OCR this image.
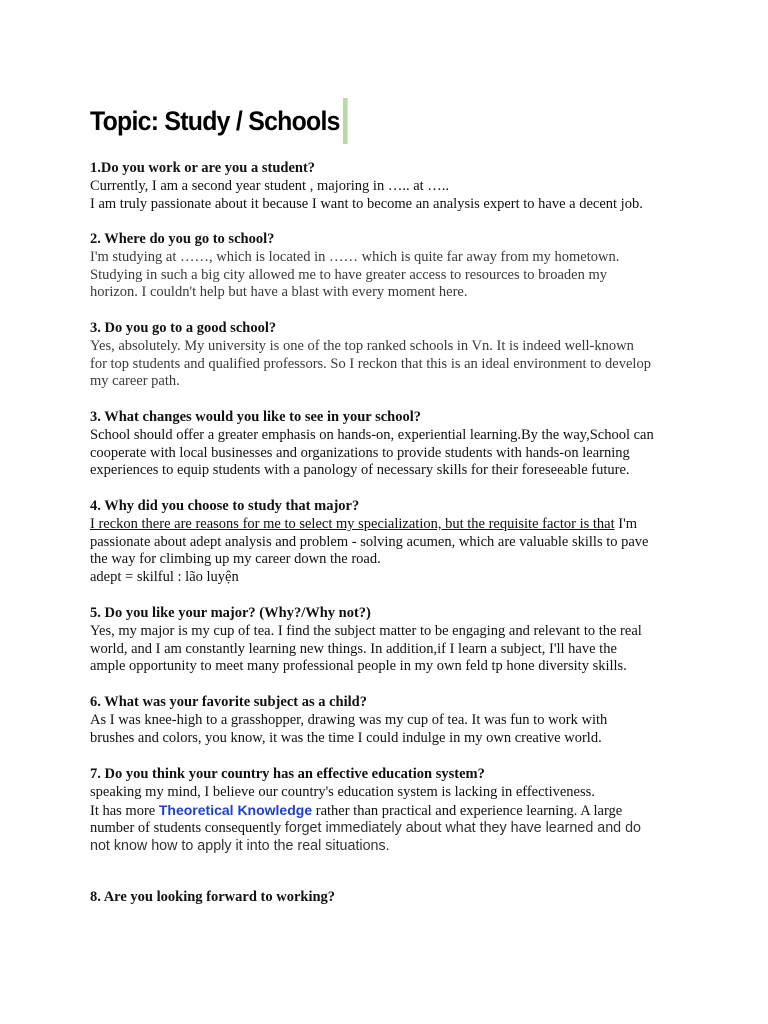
Topic: Study / Schools

1.Do you work or are you a student?

Currently, I am a second year student , majoring in ….. at …..

I am truly passionate about it because I want to become an analysis expert to have a decent job.

2. Where do you go to school?

I'm studying at ……, which is located in …… which is quite far away from my hometown.

Studying in such a big city allowed me to have greater access to resources to broaden my

horizon. I couldn't help but have a blast with every moment here.

3. Do you go to a good school?

Yes, absolutely. My university is one of the top ranked schools in Vn. It is indeed well-known

for top students and qualified professors. So I reckon that this is an ideal environment to develop

my career path.

3. What changes would you like to see in your school?

School should offer a greater emphasis on hands-on, experiential learning.By the way,School can

cooperate with local businesses and organizations to provide students with hands-on learning

experiences to equip students with a panology of necessary skills for their foreseeable future.

4. Why did you choose to study that major?

I reckon there are reasons for me to select my specialization, but the requisite factor is that I'm

passionate about adept analysis and problem - solving acumen, which are valuable skills to pave

the way for climbing up my career down the road.

adept = skilful : lão luyện

5. Do you like your major? (Why?/Why not?)

Yes, my major is my cup of tea. I find the subject matter to be engaging and relevant to the real

world, and I am constantly learning new things. In addition,if I learn a subject, I'll have the

ample opportunity to meet many professional people in my own feld tp hone diversity skills.

6. What was your favorite subject as a child?

As I was knee-high to a grasshopper, drawing was my cup of tea. It was fun to work with

brushes and colors, you know, it was the time I could indulge in my own creative world.

7. Do you think your country has an effective education system?

speaking my mind, I believe our country's education system is lacking in effectiveness.

It has more Theoretical Knowledge rather than practical and experience learning. A large

number of students consequently forget immediately about what they have learned and do

not know how to apply it into the real situations.

8. Are you looking forward to working?
